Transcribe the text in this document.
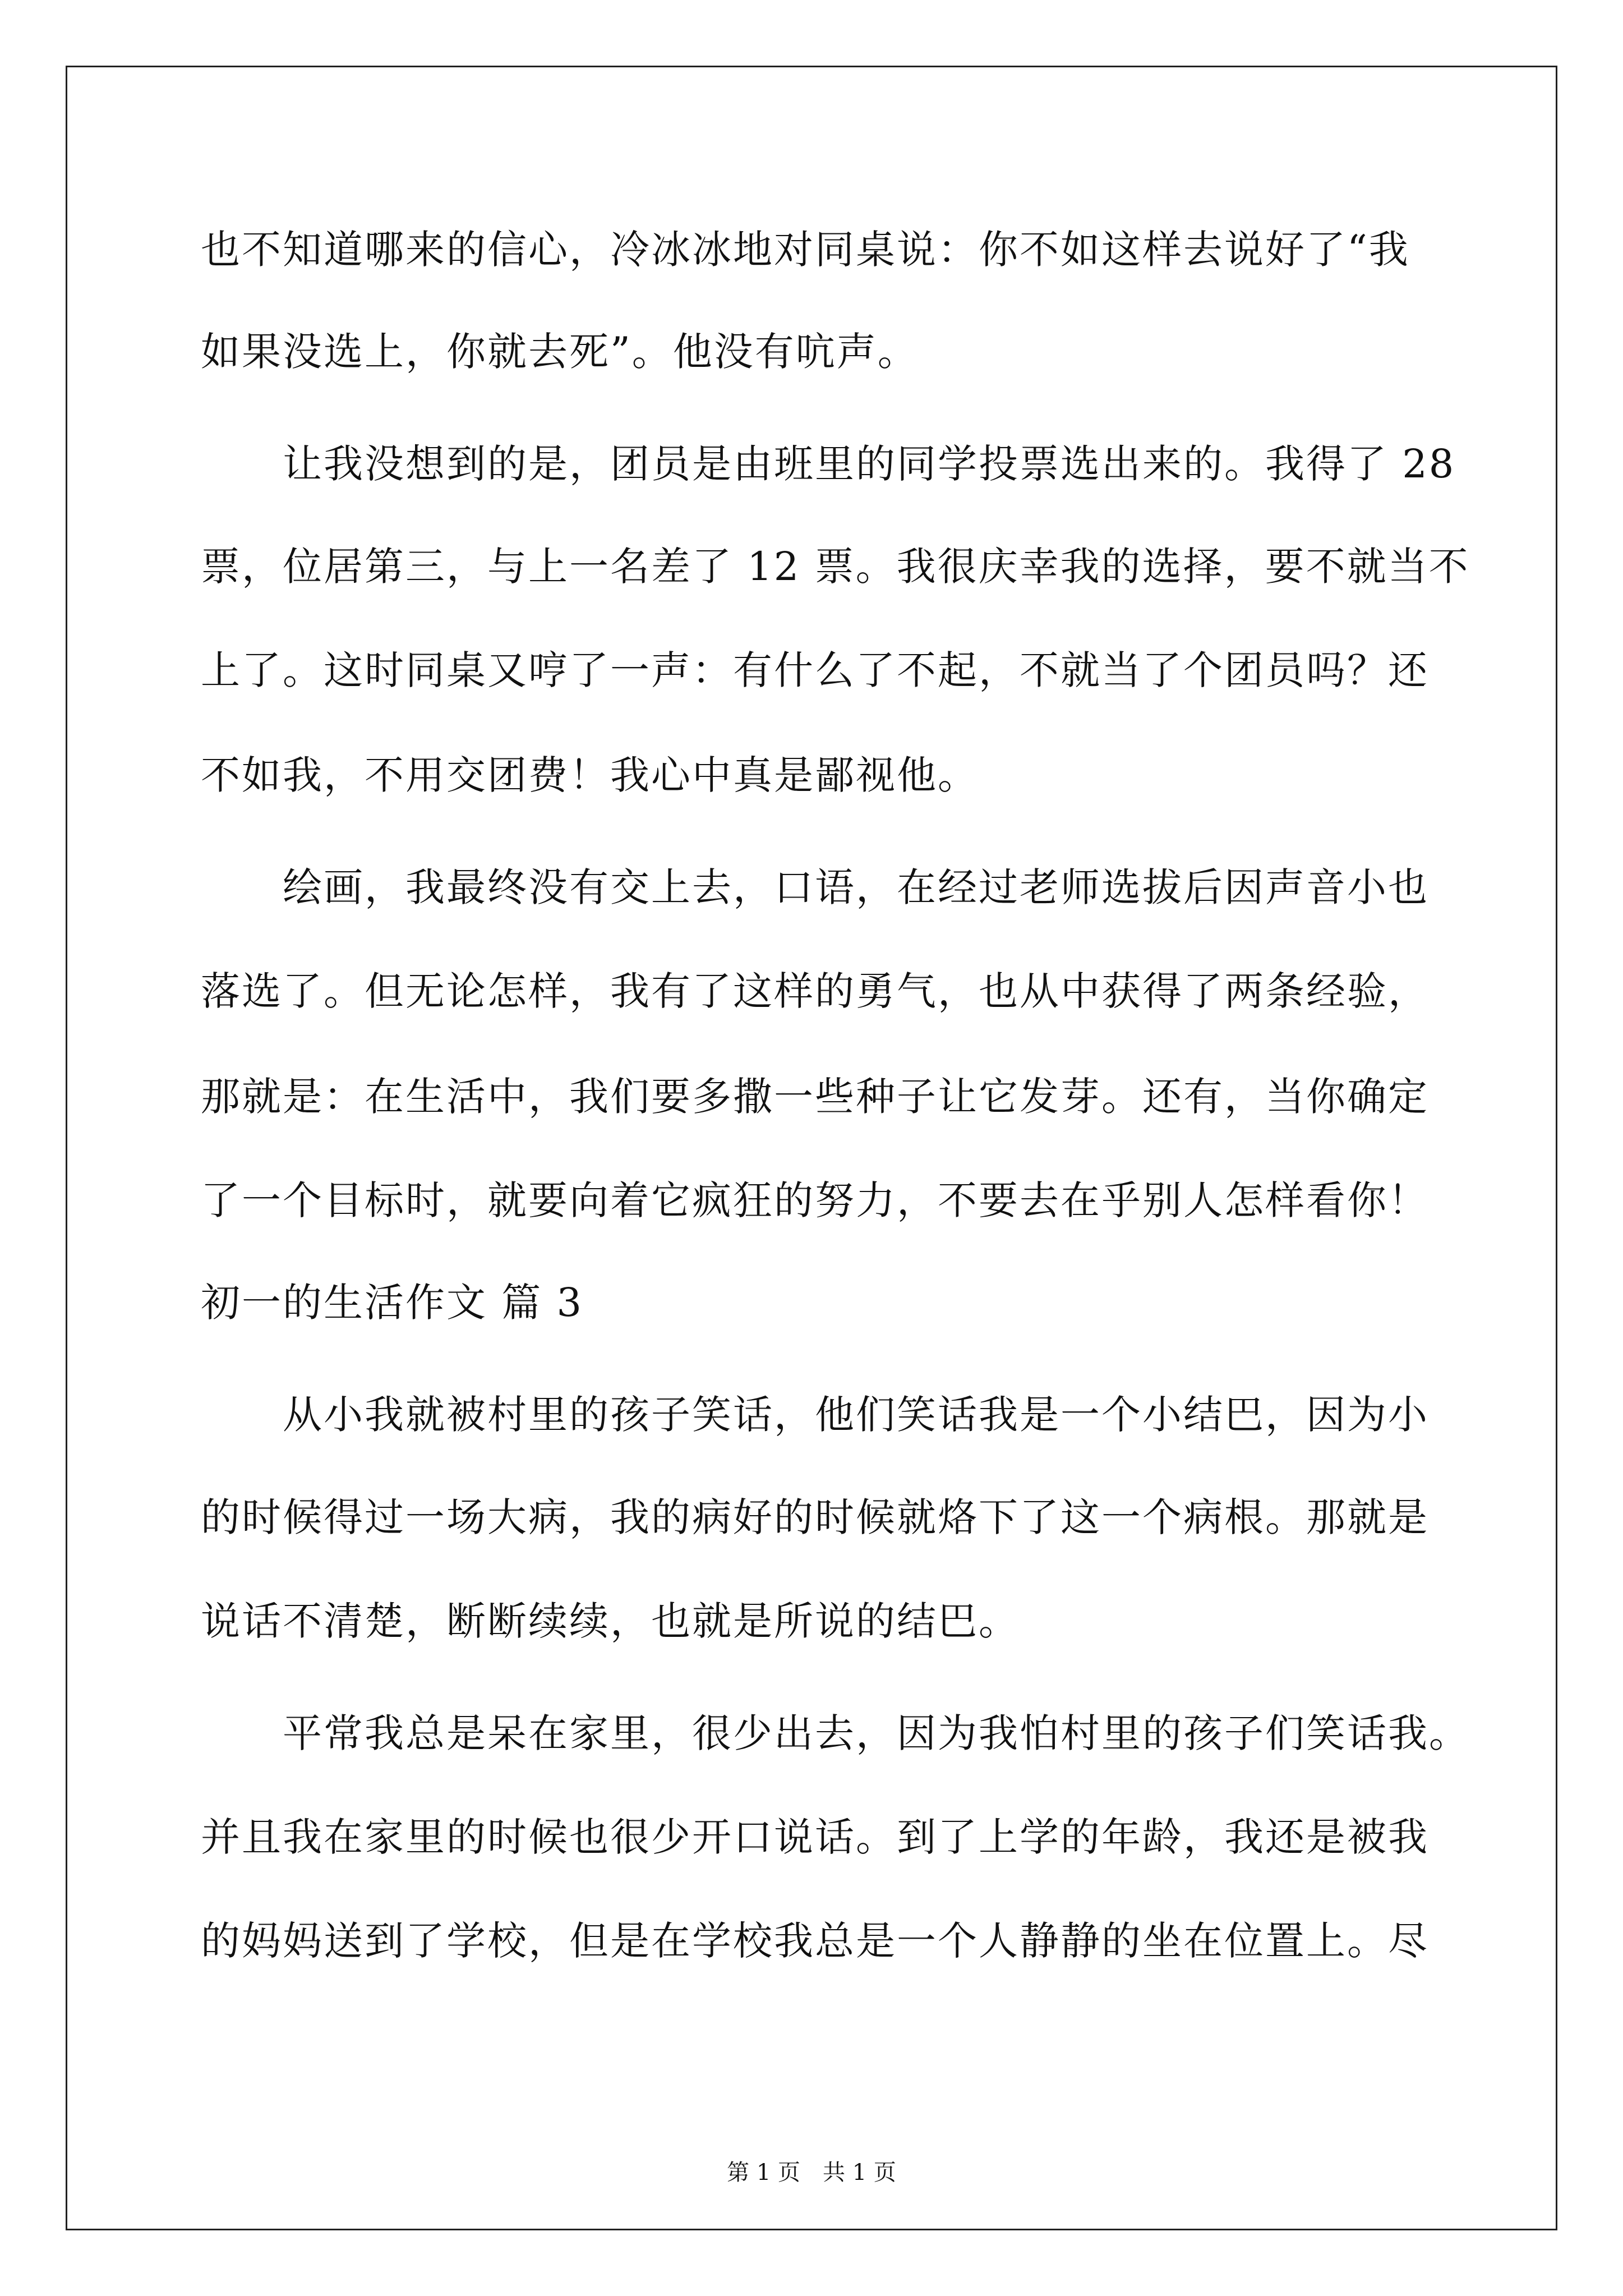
也不知道哪来的信心，冷冰冰地对同桌说：你不如这样去说好了“我
如果没选上，你就去死”。他没有吭声。
　　让我没想到的是，团员是由班里的同学投票选出来的。我得了 28
票，位居第三，与上一名差了 12 票。我很庆幸我的选择，要不就当不
上了。这时同桌又哼了一声：有什么了不起，不就当了个团员吗？还
不如我，不用交团费！我心中真是鄙视他。
　　绘画，我最终没有交上去，口语，在经过老师选拔后因声音小也
落选了。但无论怎样，我有了这样的勇气，也从中获得了两条经验，
那就是：在生活中，我们要多撒一些种子让它发芽。还有，当你确定
了一个目标时，就要向着它疯狂的努力，不要去在乎别人怎样看你！
初一的生活作文 篇 3
　　从小我就被村里的孩子笑话，他们笑话我是一个小结巴，因为小
的时候得过一场大病，我的病好的时候就烙下了这一个病根。那就是
说话不清楚，断断续续，也就是所说的结巴。
　　平常我总是呆在家里，很少出去，因为我怕村里的孩子们笑话我。
并且我在家里的时候也很少开口说话。到了上学的年龄，我还是被我
的妈妈送到了学校，但是在学校我总是一个人静静的坐在位置上。尽
第 1 页　共 1 页
